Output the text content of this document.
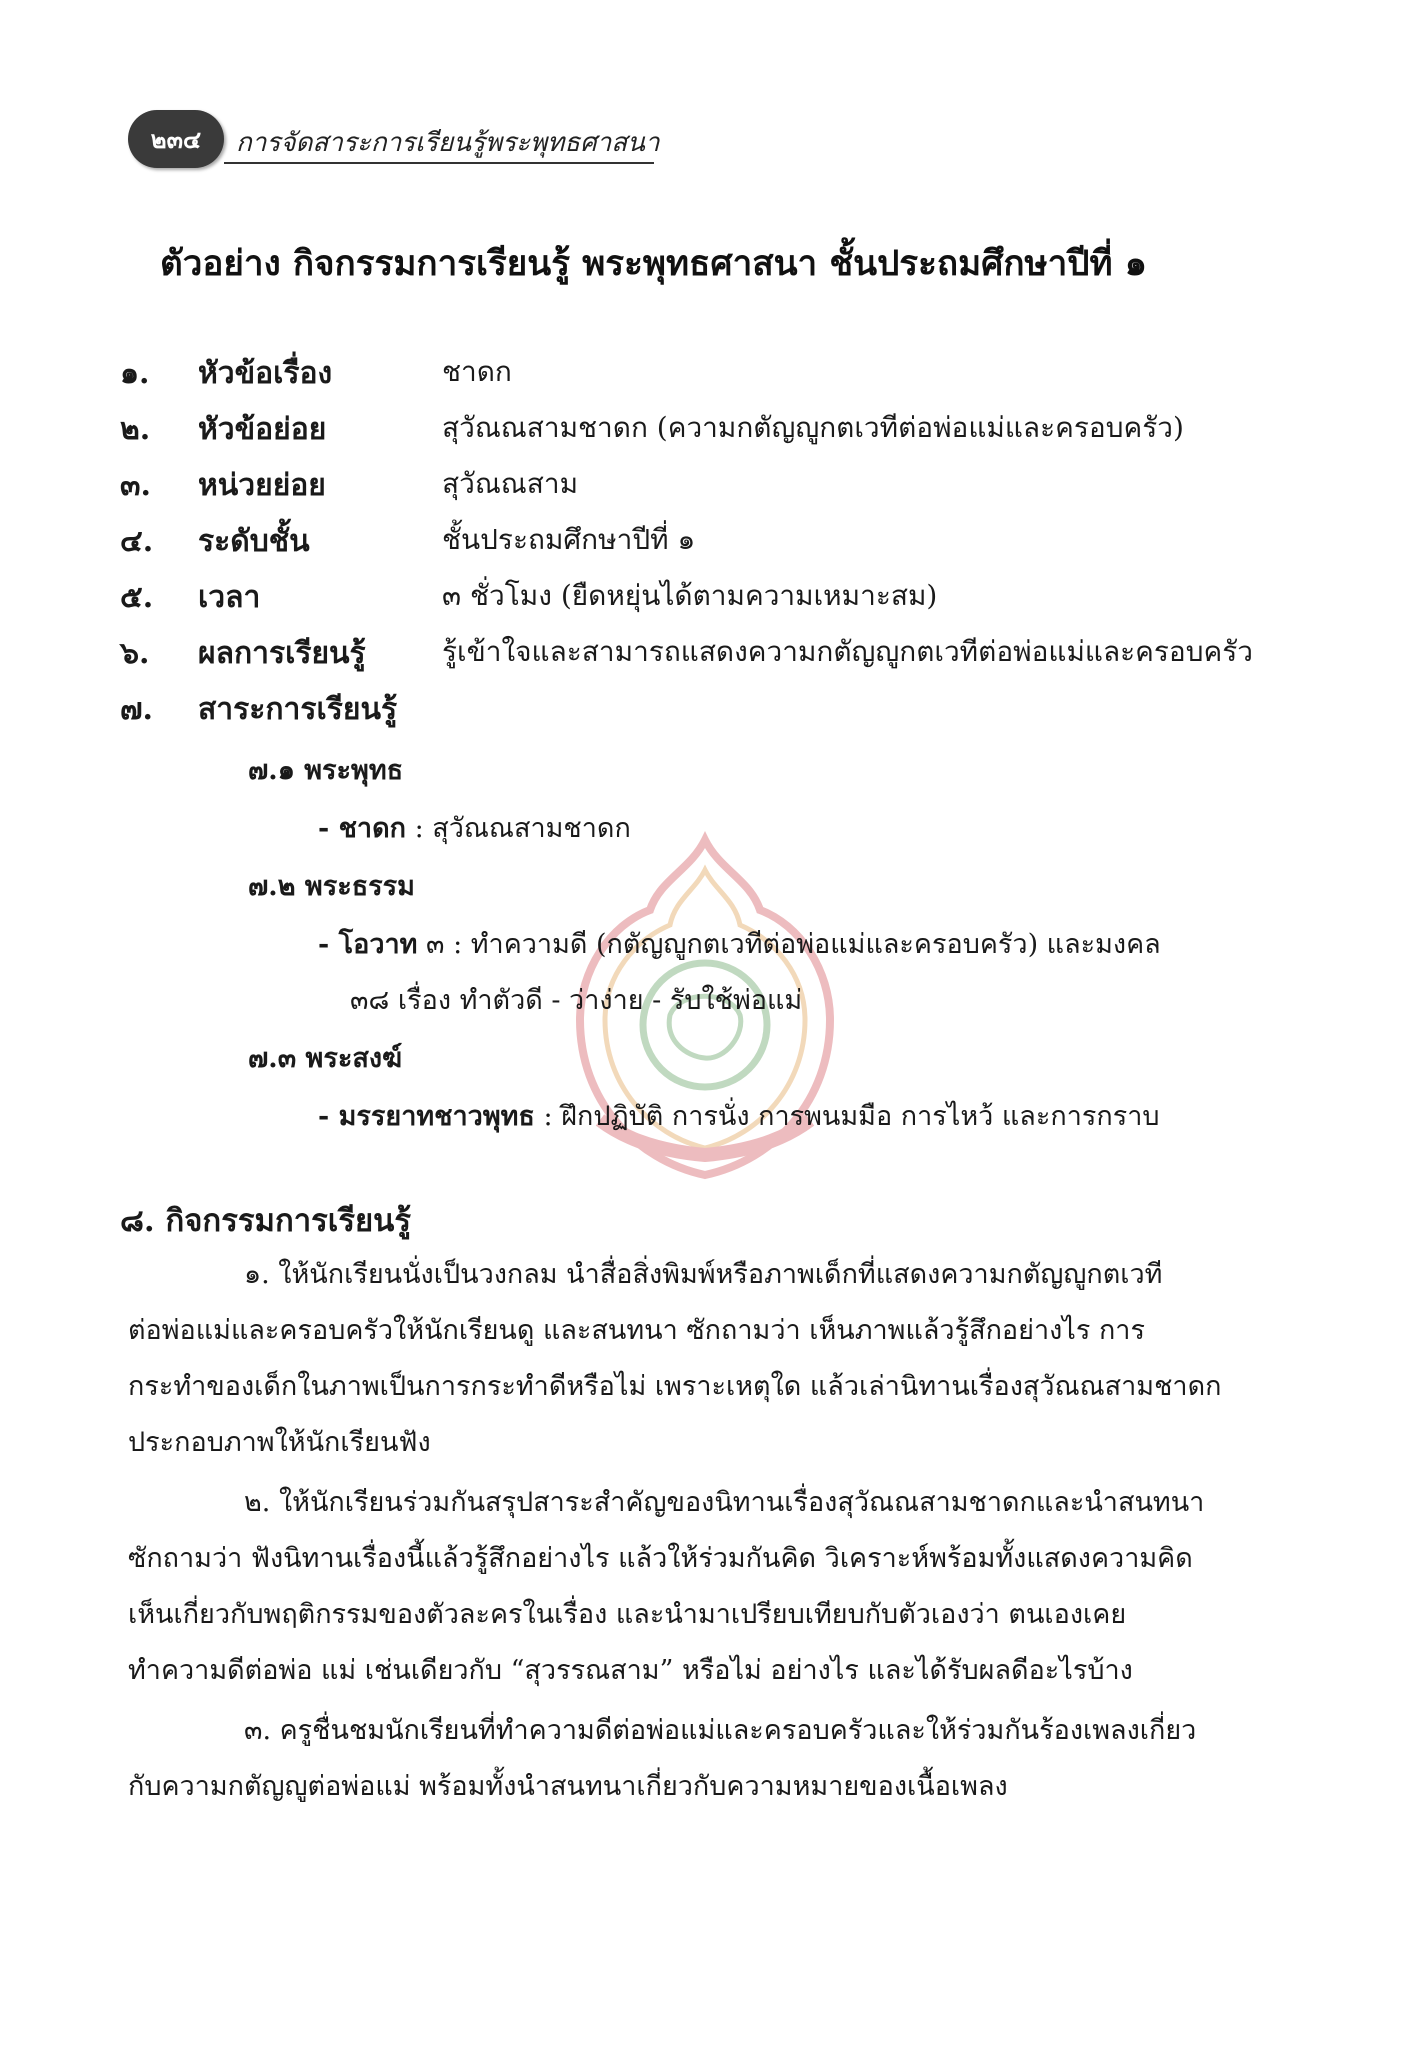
๒๓๔	การจัดสาระการเรียนรู้พระพุทธศาสนา
ตัวอย่าง กิจกรรมการเรียนรู้ พระพุทธศาสนา ชั้นประถมศึกษาปีที่ ๑
๑. หัวข้อเรื่อง	ชาดก
๒. หัวข้อย่อย	สุวัณณสามชาดก (ความกตัญญูกตเวทีต่อพ่อแม่และครอบครัว)
๓. หน่วยย่อย	สุวัณณสาม
๔. ระดับชั้น	ชั้นประถมศึกษาปีที่ ๑
๕. เวลา	๓ ชั่วโมง (ยืดหยุ่นได้ตามความเหมาะสม)
๖. ผลการเรียนรู้	รู้เข้าใจและสามารถแสดงความกตัญญูกตเวทีต่อพ่อแม่และครอบครัว
๗. สาระการเรียนรู้
๗.๑ พระพุทธ
- ชาดก : สุวัณณสามชาดก
๗.๒ พระธรรม
- โอวาท ๓ : ทำความดี (กตัญญูกตเวทีต่อพ่อแม่และครอบครัว) และมงคล
๓๘ เรื่อง ทำตัวดี - ว่าง่าย - รับใช้พ่อแม่
๗.๓ พระสงฆ์
- มรรยาทชาวพุทธ : ฝึกปฏิบัติ การนั่ง การพนมมือ การไหว้ และการกราบ
๘. กิจกรรมการเรียนรู้
๑. ให้นักเรียนนั่งเป็นวงกลม นำสื่อสิ่งพิมพ์หรือภาพเด็กที่แสดงความกตัญญูกตเวที
ต่อพ่อแม่และครอบครัวให้นักเรียนดู และสนทนา ซักถามว่า เห็นภาพแล้วรู้สึกอย่างไร การ
กระทำของเด็กในภาพเป็นการกระทำดีหรือไม่ เพราะเหตุใด แล้วเล่านิทานเรื่องสุวัณณสามชาดก
ประกอบภาพให้นักเรียนฟัง
๒. ให้นักเรียนร่วมกันสรุปสาระสำคัญของนิทานเรื่องสุวัณณสามชาดกและนำสนทนา
ซักถามว่า ฟังนิทานเรื่องนี้แล้วรู้สึกอย่างไร แล้วให้ร่วมกันคิด วิเคราะห์พร้อมทั้งแสดงความคิด
เห็นเกี่ยวกับพฤติกรรมของตัวละครในเรื่อง และนำมาเปรียบเทียบกับตัวเองว่า ตนเองเคย
ทำความดีต่อพ่อ แม่ เช่นเดียวกับ “สุวรรณสาม” หรือไม่ อย่างไร และได้รับผลดีอะไรบ้าง
๓. ครูชื่นชมนักเรียนที่ทำความดีต่อพ่อแม่และครอบครัวและให้ร่วมกันร้องเพลงเกี่ยว
กับความกตัญญูต่อพ่อแม่ พร้อมทั้งนำสนทนาเกี่ยวกับความหมายของเนื้อเพลง
